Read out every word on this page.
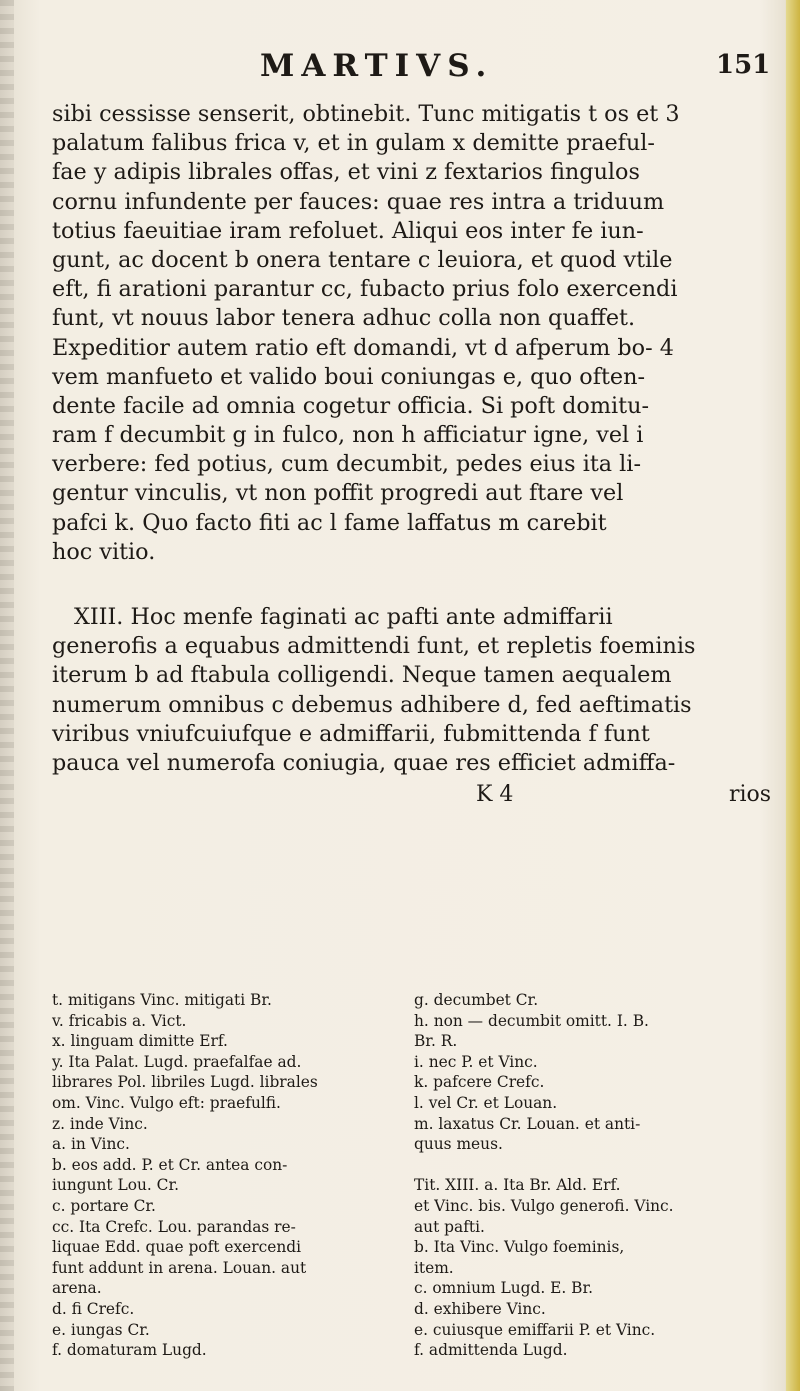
MARTIVS.	151
sibi cessisse senserit, obtinebit. Tunc mitigatis t os et 3
palatum falibus frica v, et in gulam x demitte praeful-
fae y adipis librales offas, et vini z fextarios fingulos
cornu infundente per fauces: quae res intra a triduum
totius faeuitiae iram refoluet. Aliqui eos inter fe iun-
gunt, ac docent b onera tentare c leuiora, et quod vtile
eft, fi arationi parantur cc, fubacto prius folo exercendi
funt, vt nouus labor tenera adhuc colla non quaffet.
Expeditior autem ratio eft domandi, vt d afperum bo- 4
vem manfueto et valido boui coniungas e, quo often-
dente facile ad omnia cogetur officia. Si poft domitu-
ram f decumbit g in fulco, non h afficiatur igne, vel i
verbere: fed potius, cum decumbit, pedes eius ita li-
gentur vinculis, vt non poffit progredi aut ftare vel
pafci k. Quo facto fiti ac l fame laffatus m carebit
hoc vitio.
XIII. Hoc menfe faginati ac pafti ante admiffarii
generofis a equabus admittendi funt, et repletis foeminis
iterum b ad ftabula colligendi. Neque tamen aequalem
numerum omnibus c debemus adhibere d, fed aeftimatis
viribus vniufcuiufque e admiffarii, fubmittenda f funt
pauca vel numerofa coniugia, quae res efficiet admiffa-
K 4	rios
t. mitigans Vinc. mitigati Br.
v. fricabis a. Vict.
x. linguam dimitte Erf.
y. Ita Palat. Lugd. praefalfae ad.
librares Pol. libriles Lugd. librales
om. Vinc. Vulgo eft: praefulfi.
z. inde Vinc.
a. in Vinc.
b. eos add. P. et Cr. antea con-
iungunt Lou. Cr.
c. portare Cr.
cc. Ita Crefc. Lou. parandas re-
liquae Edd. quae poft exercendi
funt addunt in arena. Louan. aut
arena.
d. fi Crefc.
e. iungas Cr.
f. domaturam Lugd.
g. decumbet Cr.
h. non — decumbit omitt. I. B.
Br. R.
i. nec P. et Vinc.
k. pafcere Crefc.
l. vel Cr. et Louan.
m. laxatus Cr. Louan. et anti-
quus meus.
Tit. XIII. a. Ita Br. Ald. Erf.
et Vinc. bis. Vulgo generofi. Vinc.
aut pafti.
b. Ita Vinc. Vulgo foeminis,
item.
c. omnium Lugd. E. Br.
d. exhibere Vinc.
e. cuiusque emiffarii P. et Vinc.
f. admittenda Lugd.
